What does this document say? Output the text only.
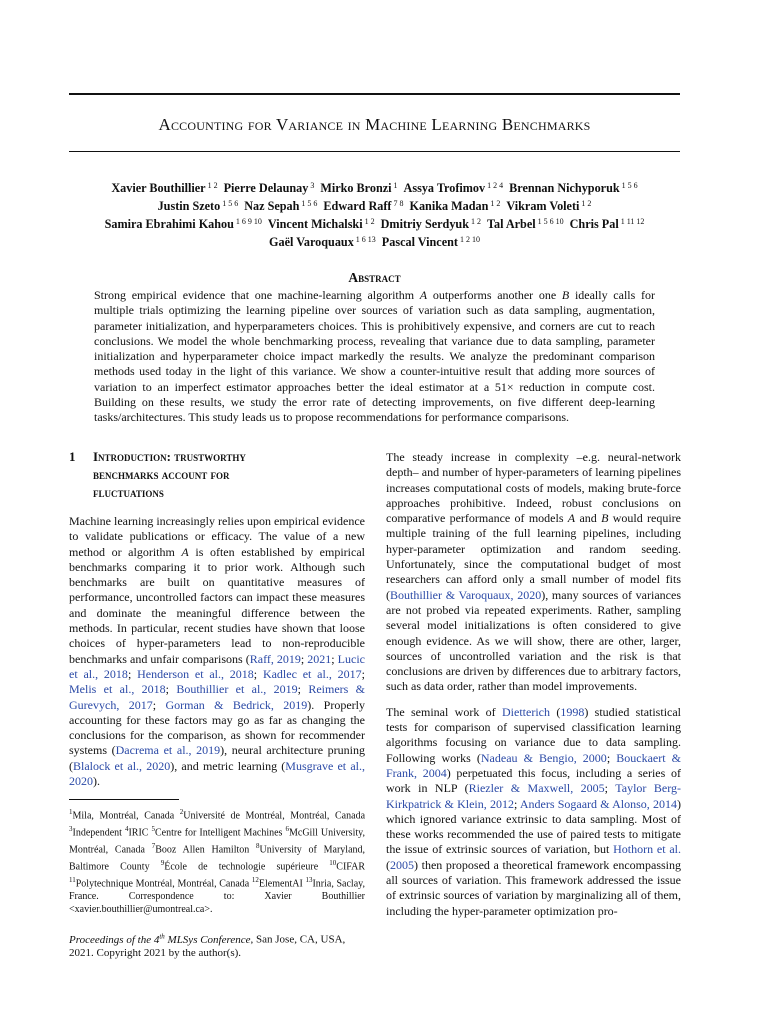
Accounting for Variance in Machine Learning Benchmarks
Xavier Bouthillier $^{1 2}$ Pierre Delaunay $^3$ Mirko Bronzi $^1$ Assya Trofimov $^{1 2 4}$ Brennan Nichyporuk $^{1 5 6}$
Justin Szeto $^{1 5 6}$ Naz Sepah $^{1 5 6}$ Edward Raff $^{7 8}$ Kanika Madan $^{1 2}$ Vikram Voleti $^{1 2}$
Samira Ebrahimi Kahou $^{1 6 9 10}$ Vincent Michalski $^{1 2}$ Dmitriy Serdyuk $^{1 2}$ Tal Arbel $^{1 5 6 10}$ Chris Pal $^{1 11 12}$
Gaël Varoquaux $^{1 6 13}$ Pascal Vincent $^{1 2 10}$
Abstract

Strong empirical evidence that one machine-learning algorithm A outperforms another one B ideally calls for multiple trials optimizing the learning pipeline over sources of variation such as data sampling, augmentation, parameter initialization, and hyperparameters choices. This is prohibitively expensive, and corners are cut to reach conclusions. We model the whole benchmarking process, revealing that variance due to data sampling, parameter initialization and hyperparameter choice impact markedly the results. We analyze the predominant comparison methods used today in the light of this variance. We show a counter-intuitive result that adding more sources of variation to an imperfect estimator approaches better the ideal estimator at a 51× reduction in compute cost. Building on these results, we study the error rate of detecting improvements, on five different deep-learning tasks/architectures. This study leads us to propose recommendations for performance comparisons.

1	Introduction: trustworthy
benchmarks account for
fluctuations

Machine learning increasingly relies upon empirical evidence to validate publications or efficacy. The value of a new method or algorithm A is often established by empirical benchmarks comparing it to prior work. Although such benchmarks are built on quantitative measures of performance, uncontrolled factors can impact these measures and dominate the meaningful difference between the methods. In particular, recent studies have shown that loose choices of hyper-parameters lead to non-reproducible benchmarks and unfair comparisons (Raff, 2019; 2021; Lucic et al., 2018; Henderson et al., 2018; Kadlec et al., 2017; Melis et al., 2018; Bouthillier et al., 2019; Reimers & Gurevych, 2017; Gorman & Bedrick, 2019). Properly accounting for these factors may go as far as changing the conclusions for the comparison, as shown for recommender systems (Dacrema et al., 2019), neural architecture pruning (Blalock et al., 2020), and metric learning (Musgrave et al., 2020).

$^1$Mila, Montréal, Canada $^2$Université de Montréal, Montréal, Canada $^3$Independent $^4$IRIC $^5$Centre for Intelligent Machines $^6$McGill University, Montréal, Canada $^7$Booz Allen Hamilton $^8$University of Maryland, Baltimore County $^9$École de technologie supérieure $^{10}$CIFAR $^{11}$Polytechnique Montréal, Montréal, Canada $^{12}$ElementAI $^{13}$Inria, Saclay, France. Correspondence to: Xavier Bouthillier <xavier.bouthillier@umontreal.ca>.

Proceedings of the 4th MLSys Conference, San Jose, CA, USA, 2021. Copyright 2021 by the author(s).

The steady increase in complexity –e.g. neural-network depth– and number of hyper-parameters of learning pipelines increases computational costs of models, making brute-force approaches prohibitive. Indeed, robust conclusions on comparative performance of models A and B would require multiple training of the full learning pipelines, including hyper-parameter optimization and random seeding. Unfortunately, since the computational budget of most researchers can afford only a small number of model fits (Bouthillier & Varoquaux, 2020), many sources of variances are not probed via repeated experiments. Rather, sampling several model initializations is often considered to give enough evidence. As we will show, there are other, larger, sources of uncontrolled variation and the risk is that conclusions are driven by differences due to arbitrary factors, such as data order, rather than model improvements.

The seminal work of Dietterich (1998) studied statistical tests for comparison of supervised classification learning algorithms focusing on variance due to data sampling. Following works (Nadeau & Bengio, 2000; Bouckaert & Frank, 2004) perpetuated this focus, including a series of work in NLP (Riezler & Maxwell, 2005; Taylor Berg-Kirkpatrick & Klein, 2012; Anders Sogaard & Alonso, 2014) which ignored variance extrinsic to data sampling. Most of these works recommended the use of paired tests to mitigate the issue of extrinsic sources of variation, but Hothorn et al. (2005) then proposed a theoretical framework encompassing all sources of variation. This framework addressed the issue of extrinsic sources of variation by marginalizing all of them, including the hyper-parameter optimization pro-
